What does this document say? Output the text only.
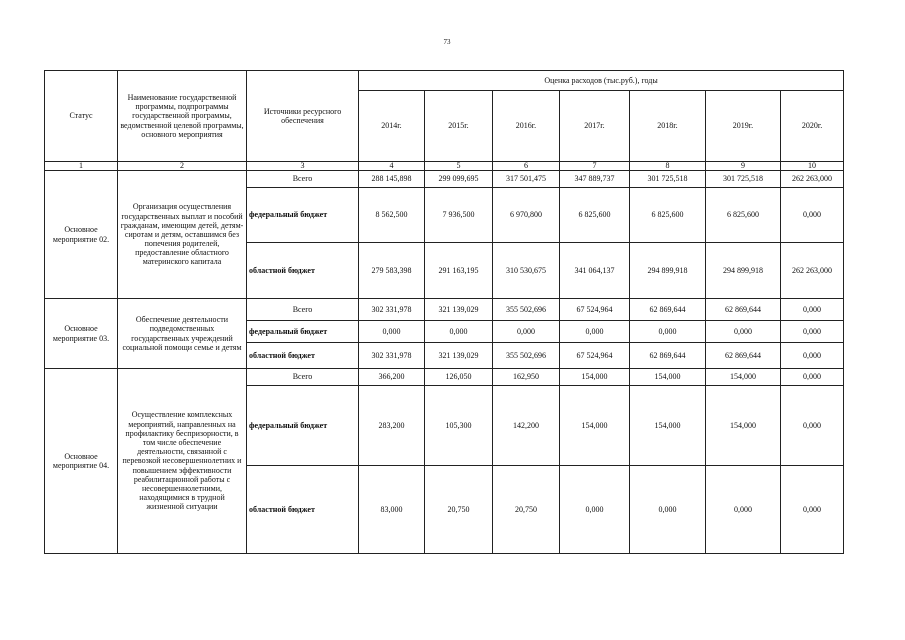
73
Статус	Наименование государственной программы, подпрограммы государственной программы, ведомственной целевой программы, основного мероприятия	Источники ресурсного обеспечения	Оценка расходов (тыс.руб.), годы						
			2014г.	2015г.	2016г.	2017г.	2018г.	2019г.	2020г.
1	2	3	4	5	6	7	8	9	10
Основное мероприятие 02.	Организация осуществления государственных выплат и пособий гражданам, имеющим детей, детям-сиротам и детям, оставшимся без попечения родителей, предоставление областного материнского капитала	Всего	288 145,898	299 099,695	317 501,475	347 889,737	301 725,518	301 725,518	262 263,000
		федеральный бюджет	8 562,500	7 936,500	6 970,800	6 825,600	6 825,600	6 825,600	0,000
		областной бюджет	279 583,398	291 163,195	310 530,675	341 064,137	294 899,918	294 899,918	262 263,000
Основное мероприятие 03.	Обеспечение деятельности подведомственных государственных учреждений социальной помощи семье и детям	Всего	302 331,978	321 139,029	355 502,696	67 524,964	62 869,644	62 869,644	0,000
		федеральный бюджет	0,000	0,000	0,000	0,000	0,000	0,000	0,000
		областной бюджет	302 331,978	321 139,029	355 502,696	67 524,964	62 869,644	62 869,644	0,000
Основное мероприятие 04.	Осуществление комплексных мероприятий, направленных на профилактику беспризорности, в том числе обеспечение деятельности, связанной с перевозкой несовершеннолетних и повышением эффективности реабилитационной работы с несовершеннолетними, находящимися в трудной жизненной ситуации	Всего	366,200	126,050	162,950	154,000	154,000	154,000	0,000
		федеральный бюджет	283,200	105,300	142,200	154,000	154,000	154,000	0,000
		областной бюджет	83,000	20,750	20,750	0,000	0,000	0,000	0,000
